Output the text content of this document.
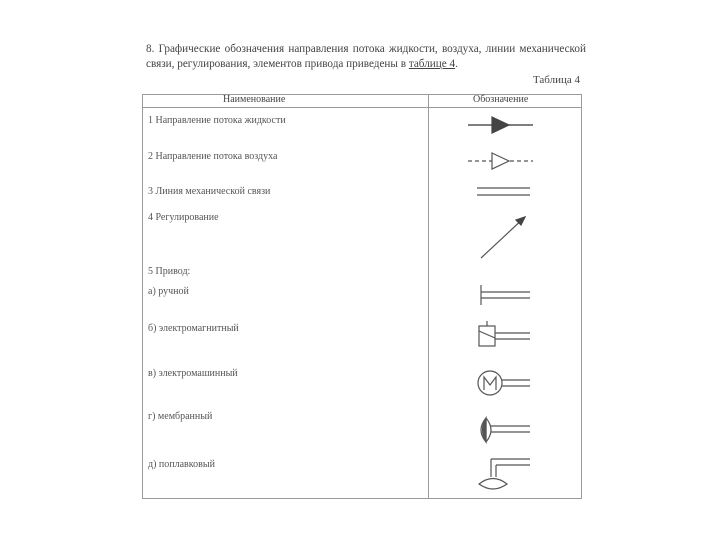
8. Графические обозначения направления потока жидкости, воздуха, линии механической связи, регулирования, элементов привода приведены в таблице 4.
Таблица 4
Наименование	Обозначение
1 Направление потока жидкости
2 Направление потока воздуха
3 Линия механической связи
4 Регулирование
5 Привод:
а) ручной
б) электромагнитный
в) электромашинный
г) мембранный
д) поплавковый
